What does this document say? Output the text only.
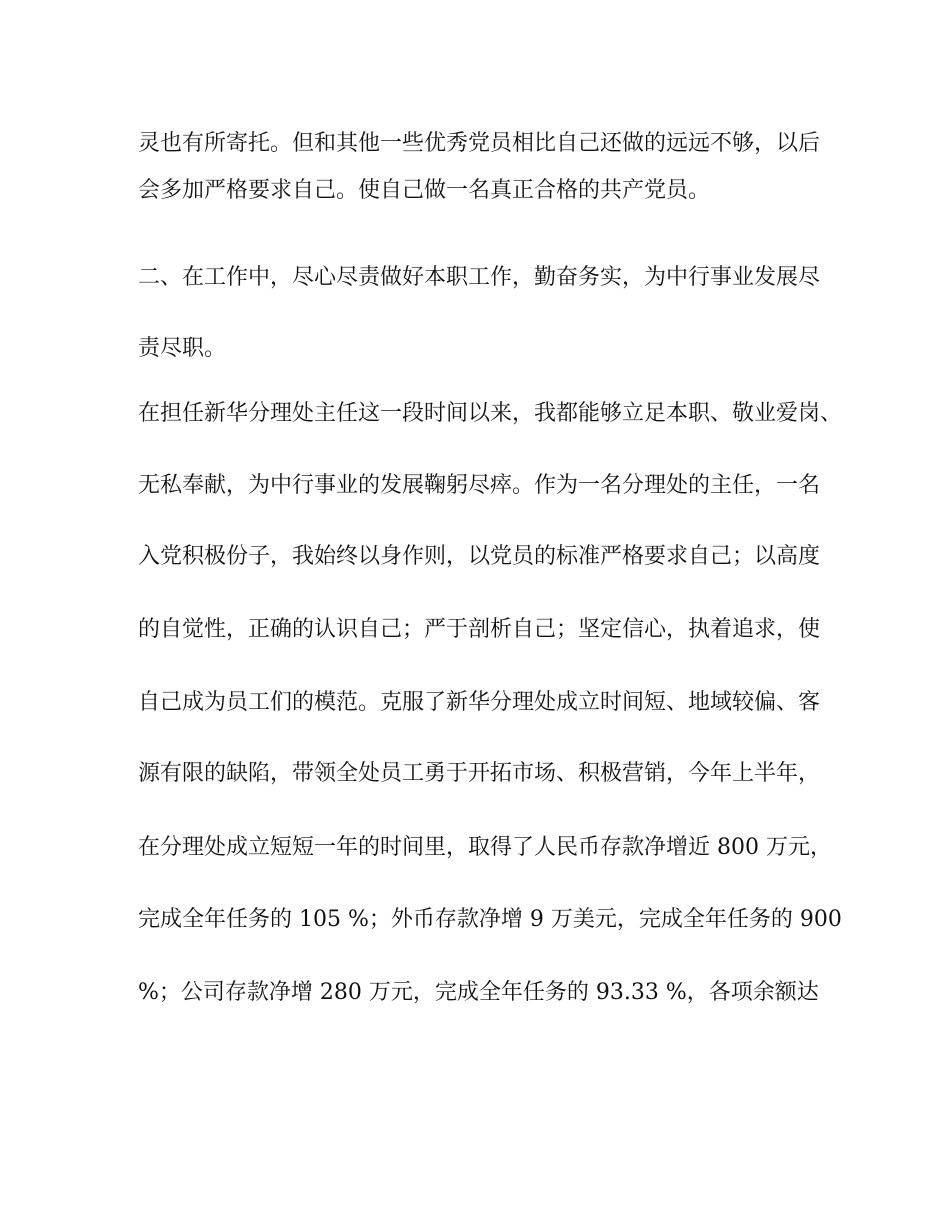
灵也有所寄托。但和其他一些优秀党员相比自己还做的远远不够，以后
会多加严格要求自己。使自己做一名真正合格的共产党员。
二、在工作中，尽心尽责做好本职工作，勤奋务实，为中行事业发展尽
责尽职。
在担任新华分理处主任这一段时间以来，我都能够立足本职、敬业爱岗、
无私奉献，为中行事业的发展鞠躬尽瘁。作为一名分理处的主任，一名
入党积极份子，我始终以身作则，以党员的标准严格要求自己；以高度
的自觉性，正确的认识自己；严于剖析自己；坚定信心，执着追求，使
自己成为员工们的模范。克服了新华分理处成立时间短、地域较偏、客
源有限的缺陷，带领全处员工勇于开拓市场、积极营销，今年上半年，
在分理处成立短短一年的时间里，取得了人民币存款净增近 800 万元，
完成全年任务的 105 %；外币存款净增 9 万美元，完成全年任务的 900
%；公司存款净增 280 万元，完成全年任务的 93.33 %，各项余额达
